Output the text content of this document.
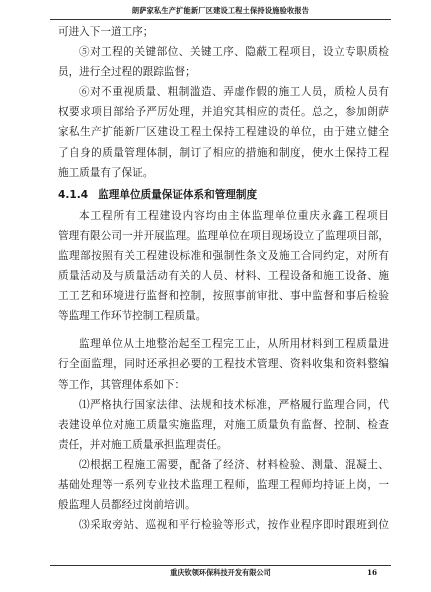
朗萨家私生产扩能新厂区建设工程土保持设施验收报告
可进入下一道工序；
⑤对工程的关键部位、关键工序、隐蔽工程项目，设立专职质检
员，进行全过程的跟踪监督；
⑥对不重视质量、粗制滥造、弄虚作假的施工人员，质检人员有
权要求项目部给予严厉处理，并追究其相应的责任。总之，参加朗萨
家私生产扩能新厂区建设工程土保持工程建设的单位，由于建立健全
了自身的质量管理体制，制订了相应的措施和制度，使水土保持工程
施工质量有了保证。
4.1.4 监理单位质量保证体系和管理制度
本工程所有工程建设内容均由主体监理单位重庆永鑫工程项目
管理有限公司一并开展监理。监理单位在项目现场设立了监理项目部，
监理部按照有关工程建设标准和强制性条文及施工合同约定，对所有
质量活动及与质量活动有关的人员、材料、工程设备和施工设备、施
工工艺和环境进行监督和控制，按照事前审批、事中监督和事后检验
等监理工作环节控制工程质量。
监理单位从土地整治起至工程完工止，从所用材料到工程质量进
行全面监理，同时还承担必要的工程技术管理、资料收集和资料整编
等工作，其管理体系如下：
⑴严格执行国家法律、法规和技术标准，严格履行监理合同，代
表建设单位对施工质量实施监理，对施工质量负有监督、控制、检查
责任，并对施工质量承担监理责任。
⑵根据工程施工需要，配备了经济、材料检验、测量、混凝土、
基础处理等一系列专业技术监理工程师，监理工程师均持证上岗，一
般监理人员都经过岗前培训。
⑶采取旁站、巡视和平行检验等形式，按作业程序即时跟班到位
重庆钦领环保科技开发有限公司	16
